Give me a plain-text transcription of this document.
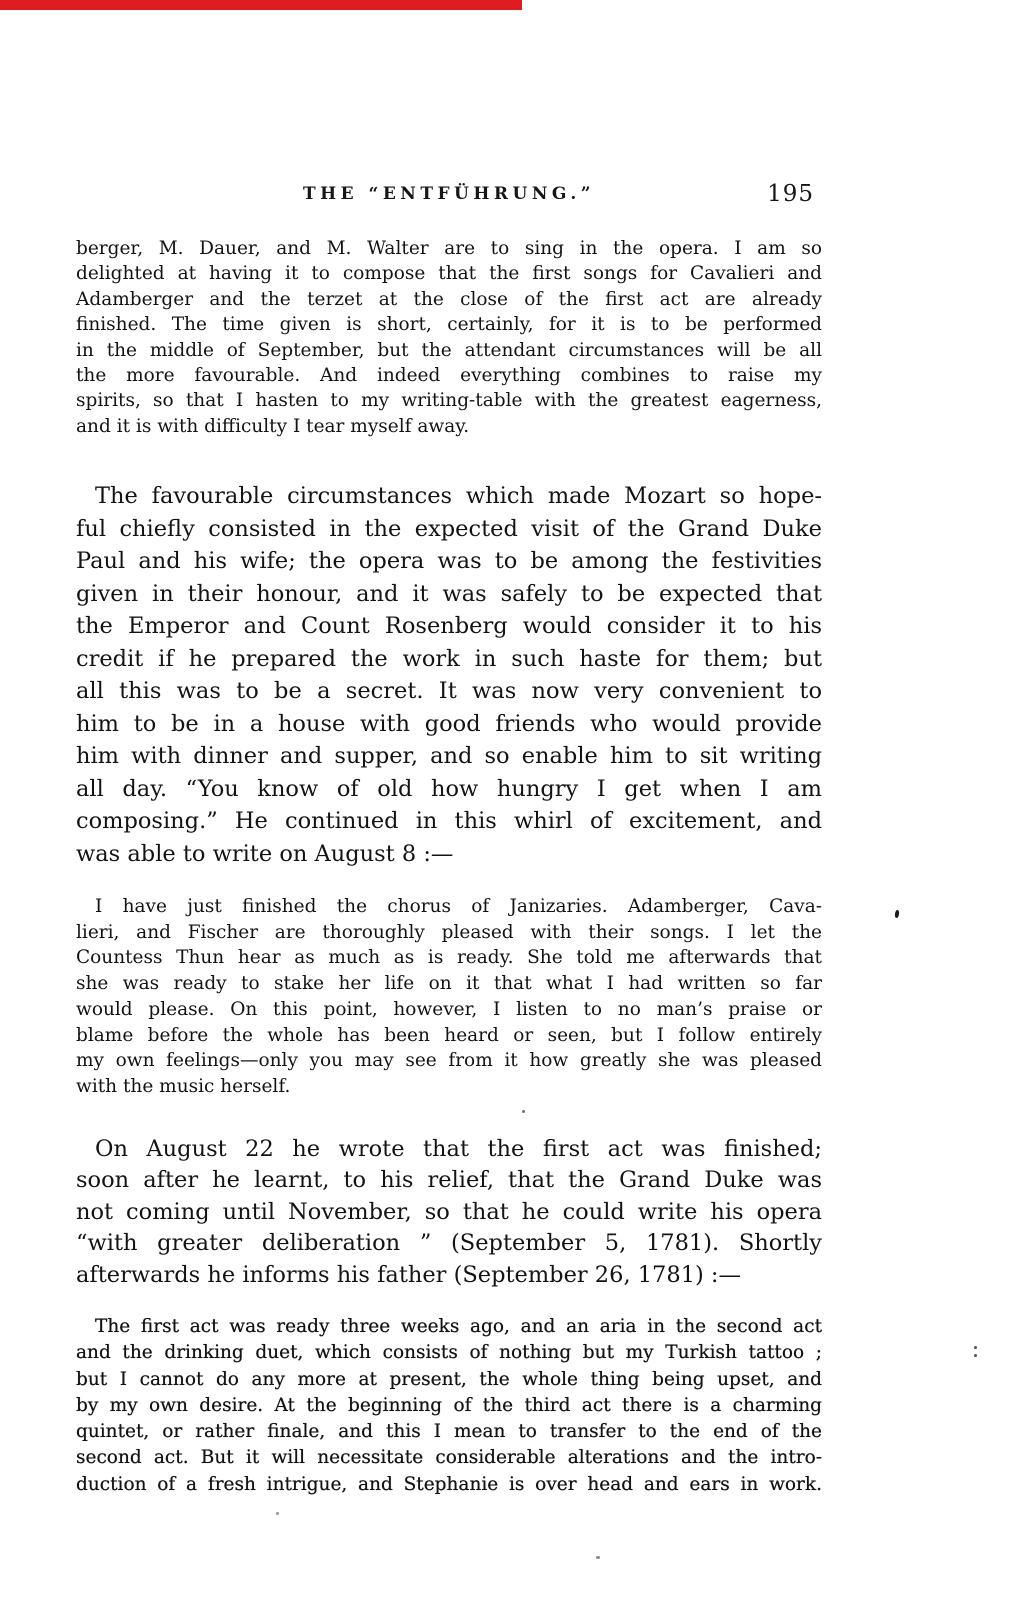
THE “ENTFÜHRUNG.”	195
berger, M. Dauer, and M. Walter are to sing in the opera. I am so
delighted at having it to compose that the first songs for Cavalieri and
Adamberger and the terzet at the close of the first act are already
finished. The time given is short, certainly, for it is to be performed
in the middle of September, but the attendant circumstances will be all
the more favourable. And indeed everything combines to raise my
spirits, so that I hasten to my writing-table with the greatest eagerness,
and it is with difficulty I tear myself away.
The favourable circumstances which made Mozart so hope-
ful chiefly consisted in the expected visit of the Grand Duke
Paul and his wife; the opera was to be among the festivities
given in their honour, and it was safely to be expected that
the Emperor and Count Rosenberg would consider it to his
credit if he prepared the work in such haste for them; but
all this was to be a secret. It was now very convenient to
him to be in a house with good friends who would provide
him with dinner and supper, and so enable him to sit writing
all day. “You know of old how hungry I get when I am
composing.” He continued in this whirl of excitement, and
was able to write on August 8 :—
I have just finished the chorus of Janizaries. Adamberger, Cava-
lieri, and Fischer are thoroughly pleased with their songs. I let the
Countess Thun hear as much as is ready. She told me afterwards that
she was ready to stake her life on it that what I had written so far
would please. On this point, however, I listen to no man’s praise or
blame before the whole has been heard or seen, but I follow entirely
my own feelings—only you may see from it how greatly she was pleased
with the music herself.
On August 22 he wrote that the first act was finished;
soon after he learnt, to his relief, that the Grand Duke was
not coming until November, so that he could write his opera
“with greater deliberation ” (September 5, 1781). Shortly
afterwards he informs his father (September 26, 1781) :—
The first act was ready three weeks ago, and an aria in the second act
and the drinking duet, which consists of nothing but my Turkish tattoo ;
but I cannot do any more at present, the whole thing being upset, and
by my own desire. At the beginning of the third act there is a charming
quintet, or rather finale, and this I mean to transfer to the end of the
second act. But it will necessitate considerable alterations and the intro-
duction of a fresh intrigue, and Stephanie is over head and ears in work.
